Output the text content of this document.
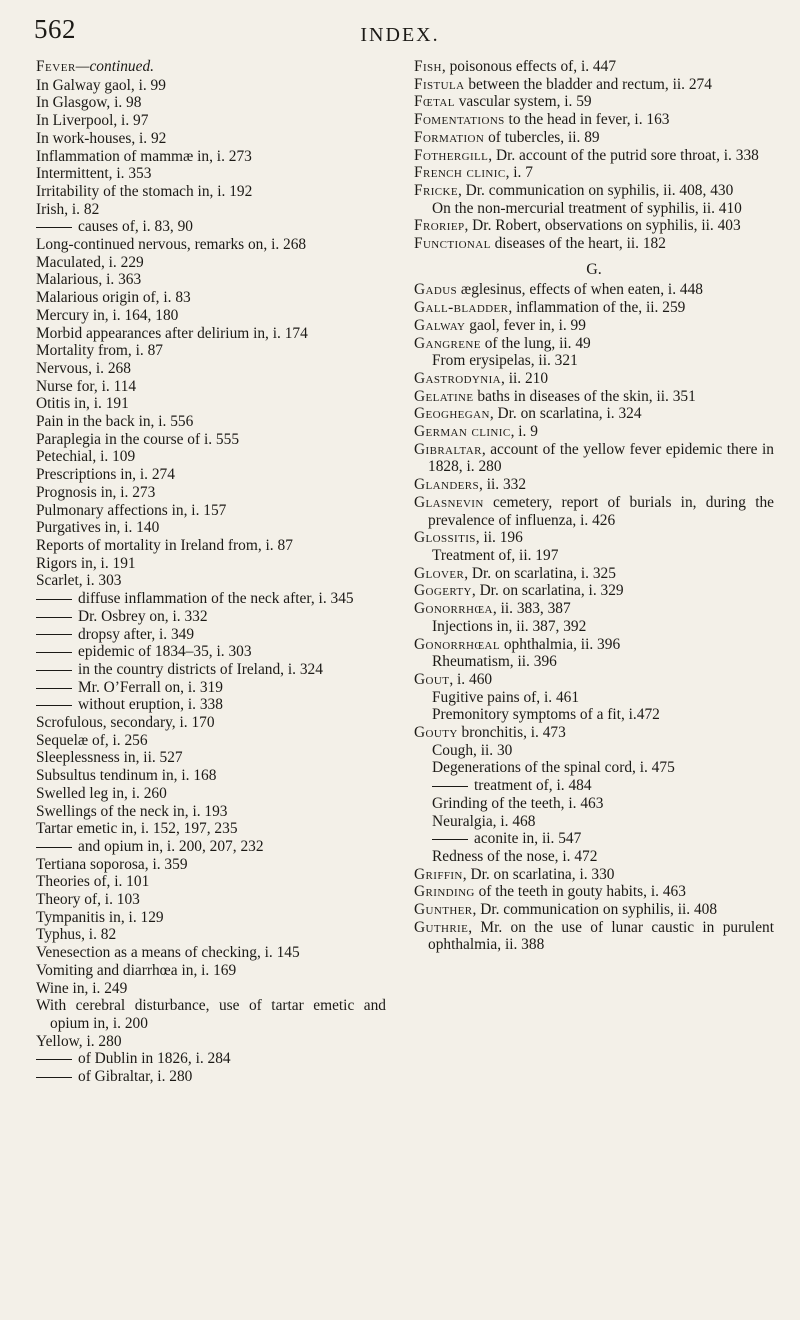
562	INDEX.
Fever—continued.
In Galway gaol, i. 99
In Glasgow, i. 98
In Liverpool, i. 97
In work-houses, i. 92
Inflammation of mammæ in, i. 273
Intermittent, i. 353
Irritability of the stomach in, i. 192
Irish, i. 82
causes of, i. 83, 90
Long-continued nervous, remarks on, i. 268
Maculated, i. 229
Malarious, i. 363
Malarious origin of, i. 83
Mercury in, i. 164, 180
Morbid appearances after delirium in, i. 174
Mortality from, i. 87
Nervous, i. 268
Nurse for, i. 114
Otitis in, i. 191
Pain in the back in, i. 556
Paraplegia in the course of i. 555
Petechial, i. 109
Prescriptions in, i. 274
Prognosis in, i. 273
Pulmonary affections in, i. 157
Purgatives in, i. 140
Reports of mortality in Ireland from, i. 87
Rigors in, i. 191
Scarlet, i. 303
diffuse inflammation of the neck after, i. 345
Dr. Osbrey on, i. 332
dropsy after, i. 349
epidemic of 1834–35, i. 303
in the country districts of Ireland, i. 324
Mr. O’Ferrall on, i. 319
without eruption, i. 338
Scrofulous, secondary, i. 170
Sequelæ of, i. 256
Sleeplessness in, ii. 527
Subsultus tendinum in, i. 168
Swelled leg in, i. 260
Swellings of the neck in, i. 193
Tartar emetic in, i. 152, 197, 235
and opium in, i. 200, 207, 232
Tertiana soporosa, i. 359
Theories of, i. 101
Theory of, i. 103
Tympanitis in, i. 129
Typhus, i. 82
Venesection as a means of checking, i. 145
Vomiting and diarrhœa in, i. 169
Wine in, i. 249
With cerebral disturbance, use of tartar emetic and opium in, i. 200
Yellow, i. 280
of Dublin in 1826, i. 284
of Gibraltar, i. 280
Fish, poisonous effects of, i. 447
Fistula between the bladder and rectum, ii. 274
Fœtal vascular system, i. 59
Fomentations to the head in fever, i. 163
Formation of tubercles, ii. 89
Fothergill, Dr. account of the putrid sore throat, i. 338
French clinic, i. 7
Fricke, Dr. communication on syphilis, ii. 408, 430
On the non-mercurial treatment of syphilis, ii. 410
Froriep, Dr. Robert, observations on syphilis, ii. 403
Functional diseases of the heart, ii. 182
G.
Gadus æglesinus, effects of when eaten, i. 448
Gall-bladder, inflammation of the, ii. 259
Galway gaol, fever in, i. 99
Gangrene of the lung, ii. 49
From erysipelas, ii. 321
Gastrodynia, ii. 210
Gelatine baths in diseases of the skin, ii. 351
Geoghegan, Dr. on scarlatina, i. 324
German clinic, i. 9
Gibraltar, account of the yellow fever epidemic there in 1828, i. 280
Glanders, ii. 332
Glasnevin cemetery, report of burials in, during the prevalence of influenza, i. 426
Glossitis, ii. 196
Treatment of, ii. 197
Glover, Dr. on scarlatina, i. 325
Gogerty, Dr. on scarlatina, i. 329
Gonorrhœa, ii. 383, 387
Injections in, ii. 387, 392
Gonorrhœal ophthalmia, ii. 396
Rheumatism, ii. 396
Gout, i. 460
Fugitive pains of, i. 461
Premonitory symptoms of a fit, i.472
Gouty bronchitis, i. 473
Cough, ii. 30
Degenerations of the spinal cord, i. 475
treatment of, i. 484
Grinding of the teeth, i. 463
Neuralgia, i. 468
aconite in, ii. 547
Redness of the nose, i. 472
Griffin, Dr. on scarlatina, i. 330
Grinding of the teeth in gouty habits, i. 463
Gunther, Dr. communication on syphilis, ii. 408
Guthrie, Mr. on the use of lunar caustic in purulent ophthalmia, ii. 388
